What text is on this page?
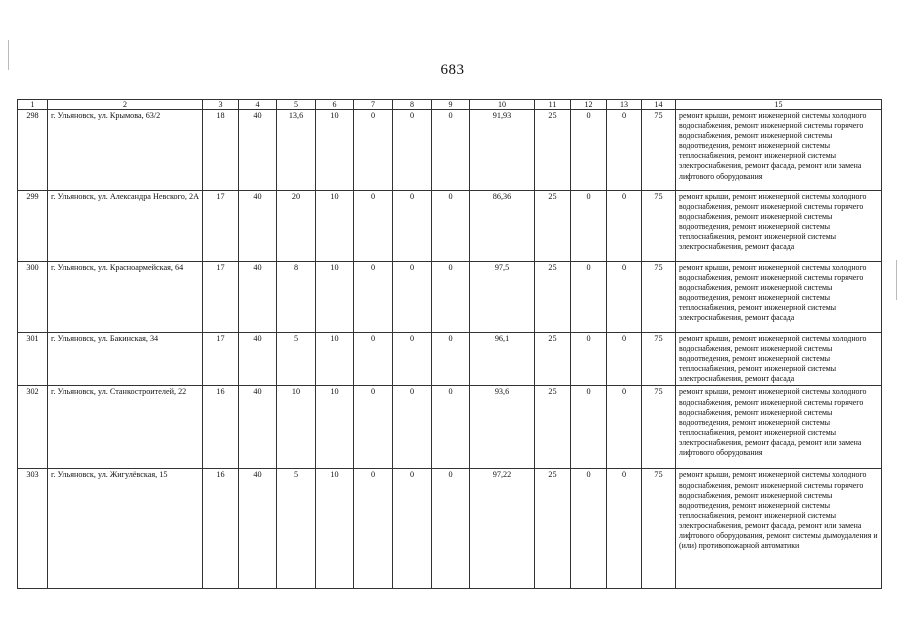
683
1	2	3	4	5	6	7	8	9	10	11	12	13	14	15
298	г. Ульяновск, ул. Крымова, 63/2	18	40	13,6	10	0	0	0	91,93	25	0	0	75	ремонт крыши, ремонт инженерной системы холодного водоснабжения, ремонт инженерной системы горячего водоснабжения, ремонт инженерной системы водоотведения, ремонт инженерной системы теплоснабжения, ремонт инженерной системы электроснабжения, ремонт фасада, ремонт или замена лифтового оборудования
299	г. Ульяновск, ул. Александра Невского, 2А	17	40	20	10	0	0	0	86,36	25	0	0	75	ремонт крыши, ремонт инженерной системы холодного водоснабжения, ремонт инженерной системы горячего водоснабжения, ремонт инженерной системы водоотведения, ремонт инженерной системы теплоснабжения, ремонт инженерной системы электроснабжения, ремонт фасада
300	г. Ульяновск, ул. Красноармейская, 64	17	40	8	10	0	0	0	97,5	25	0	0	75	ремонт крыши, ремонт инженерной системы холодного водоснабжения, ремонт инженерной системы горячего водоснабжения, ремонт инженерной системы водоотведения, ремонт инженерной системы теплоснабжения, ремонт инженерной системы электроснабжения, ремонт фасада
301	г. Ульяновск, ул. Бакинская, 34	17	40	5	10	0	0	0	96,1	25	0	0	75	ремонт крыши, ремонт инженерной системы холодного водоснабжения, ремонт инженерной системы водоотведения, ремонт инженерной системы теплоснабжения, ремонт инженерной системы электроснабжения, ремонт фасада
302	г. Ульяновск, ул. Станкостроителей, 22	16	40	10	10	0	0	0	93,6	25	0	0	75	ремонт крыши, ремонт инженерной системы холодного водоснабжения, ремонт инженерной системы горячего водоснабжения, ремонт инженерной системы водоотведения, ремонт инженерной системы теплоснабжения, ремонт инженерной системы электроснабжения, ремонт фасада, ремонт или замена лифтового оборудования
303	г. Ульяновск, ул. Жигулёвская, 15	16	40	5	10	0	0	0	97,22	25	0	0	75	ремонт крыши, ремонт инженерной системы холодного водоснабжения, ремонт инженерной системы горячего водоснабжения, ремонт инженерной системы водоотведения, ремонт инженерной системы теплоснабжения, ремонт инженерной системы электроснабжения, ремонт фасада, ремонт или замена лифтового оборудования, ремонт системы дымоудаления и (или) противопожарной автоматики
